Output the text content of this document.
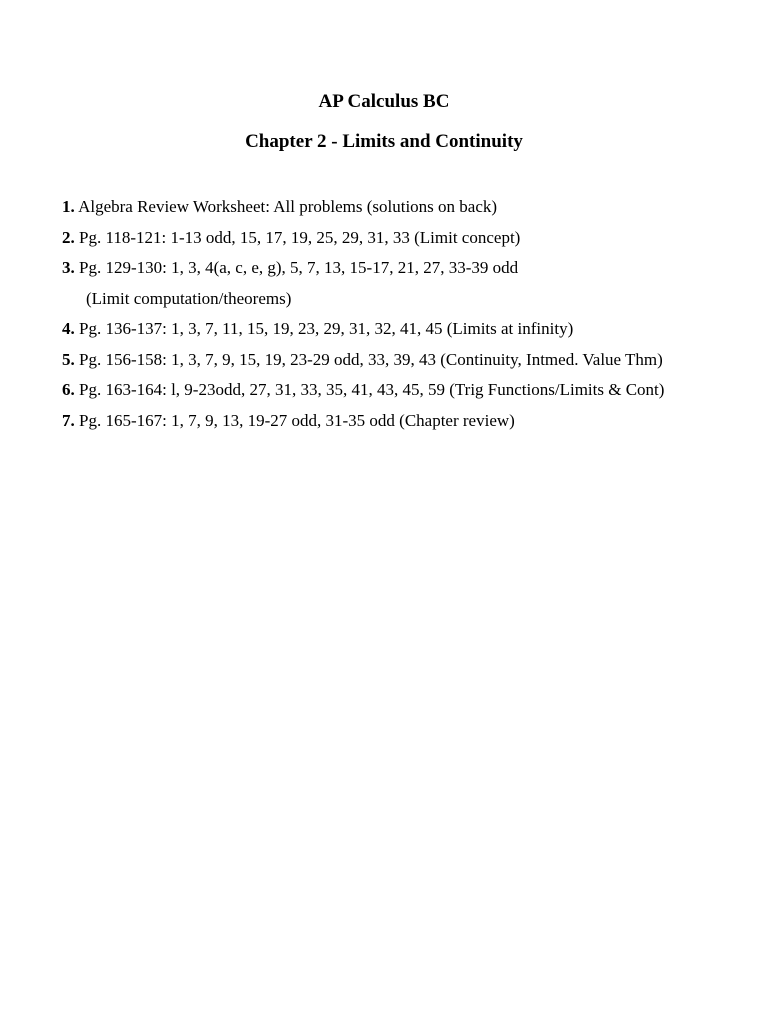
AP Calculus BC
Chapter 2 - Limits and Continuity
1. Algebra Review Worksheet: All problems (solutions on back)
2. Pg. 118-121: 1-13 odd, 15, 17, 19, 25, 29, 31, 33 (Limit concept)
3. Pg. 129-130: 1, 3, 4(a, c, e, g), 5, 7, 13, 15-17, 21, 27, 33-39 odd
(Limit computation/theorems)
4. Pg. 136-137: 1, 3, 7, 11, 15, 19, 23, 29, 31, 32, 41, 45 (Limits at infinity)
5. Pg. 156-158: 1, 3, 7, 9, 15, 19, 23-29 odd, 33, 39, 43 (Continuity, Intmed. Value Thm)
6. Pg. 163-164: l, 9-23odd, 27, 31, 33, 35, 41, 43, 45, 59 (Trig Functions/Limits & Cont)
7. Pg. 165-167: 1, 7, 9, 13, 19-27 odd, 31-35 odd (Chapter review)
